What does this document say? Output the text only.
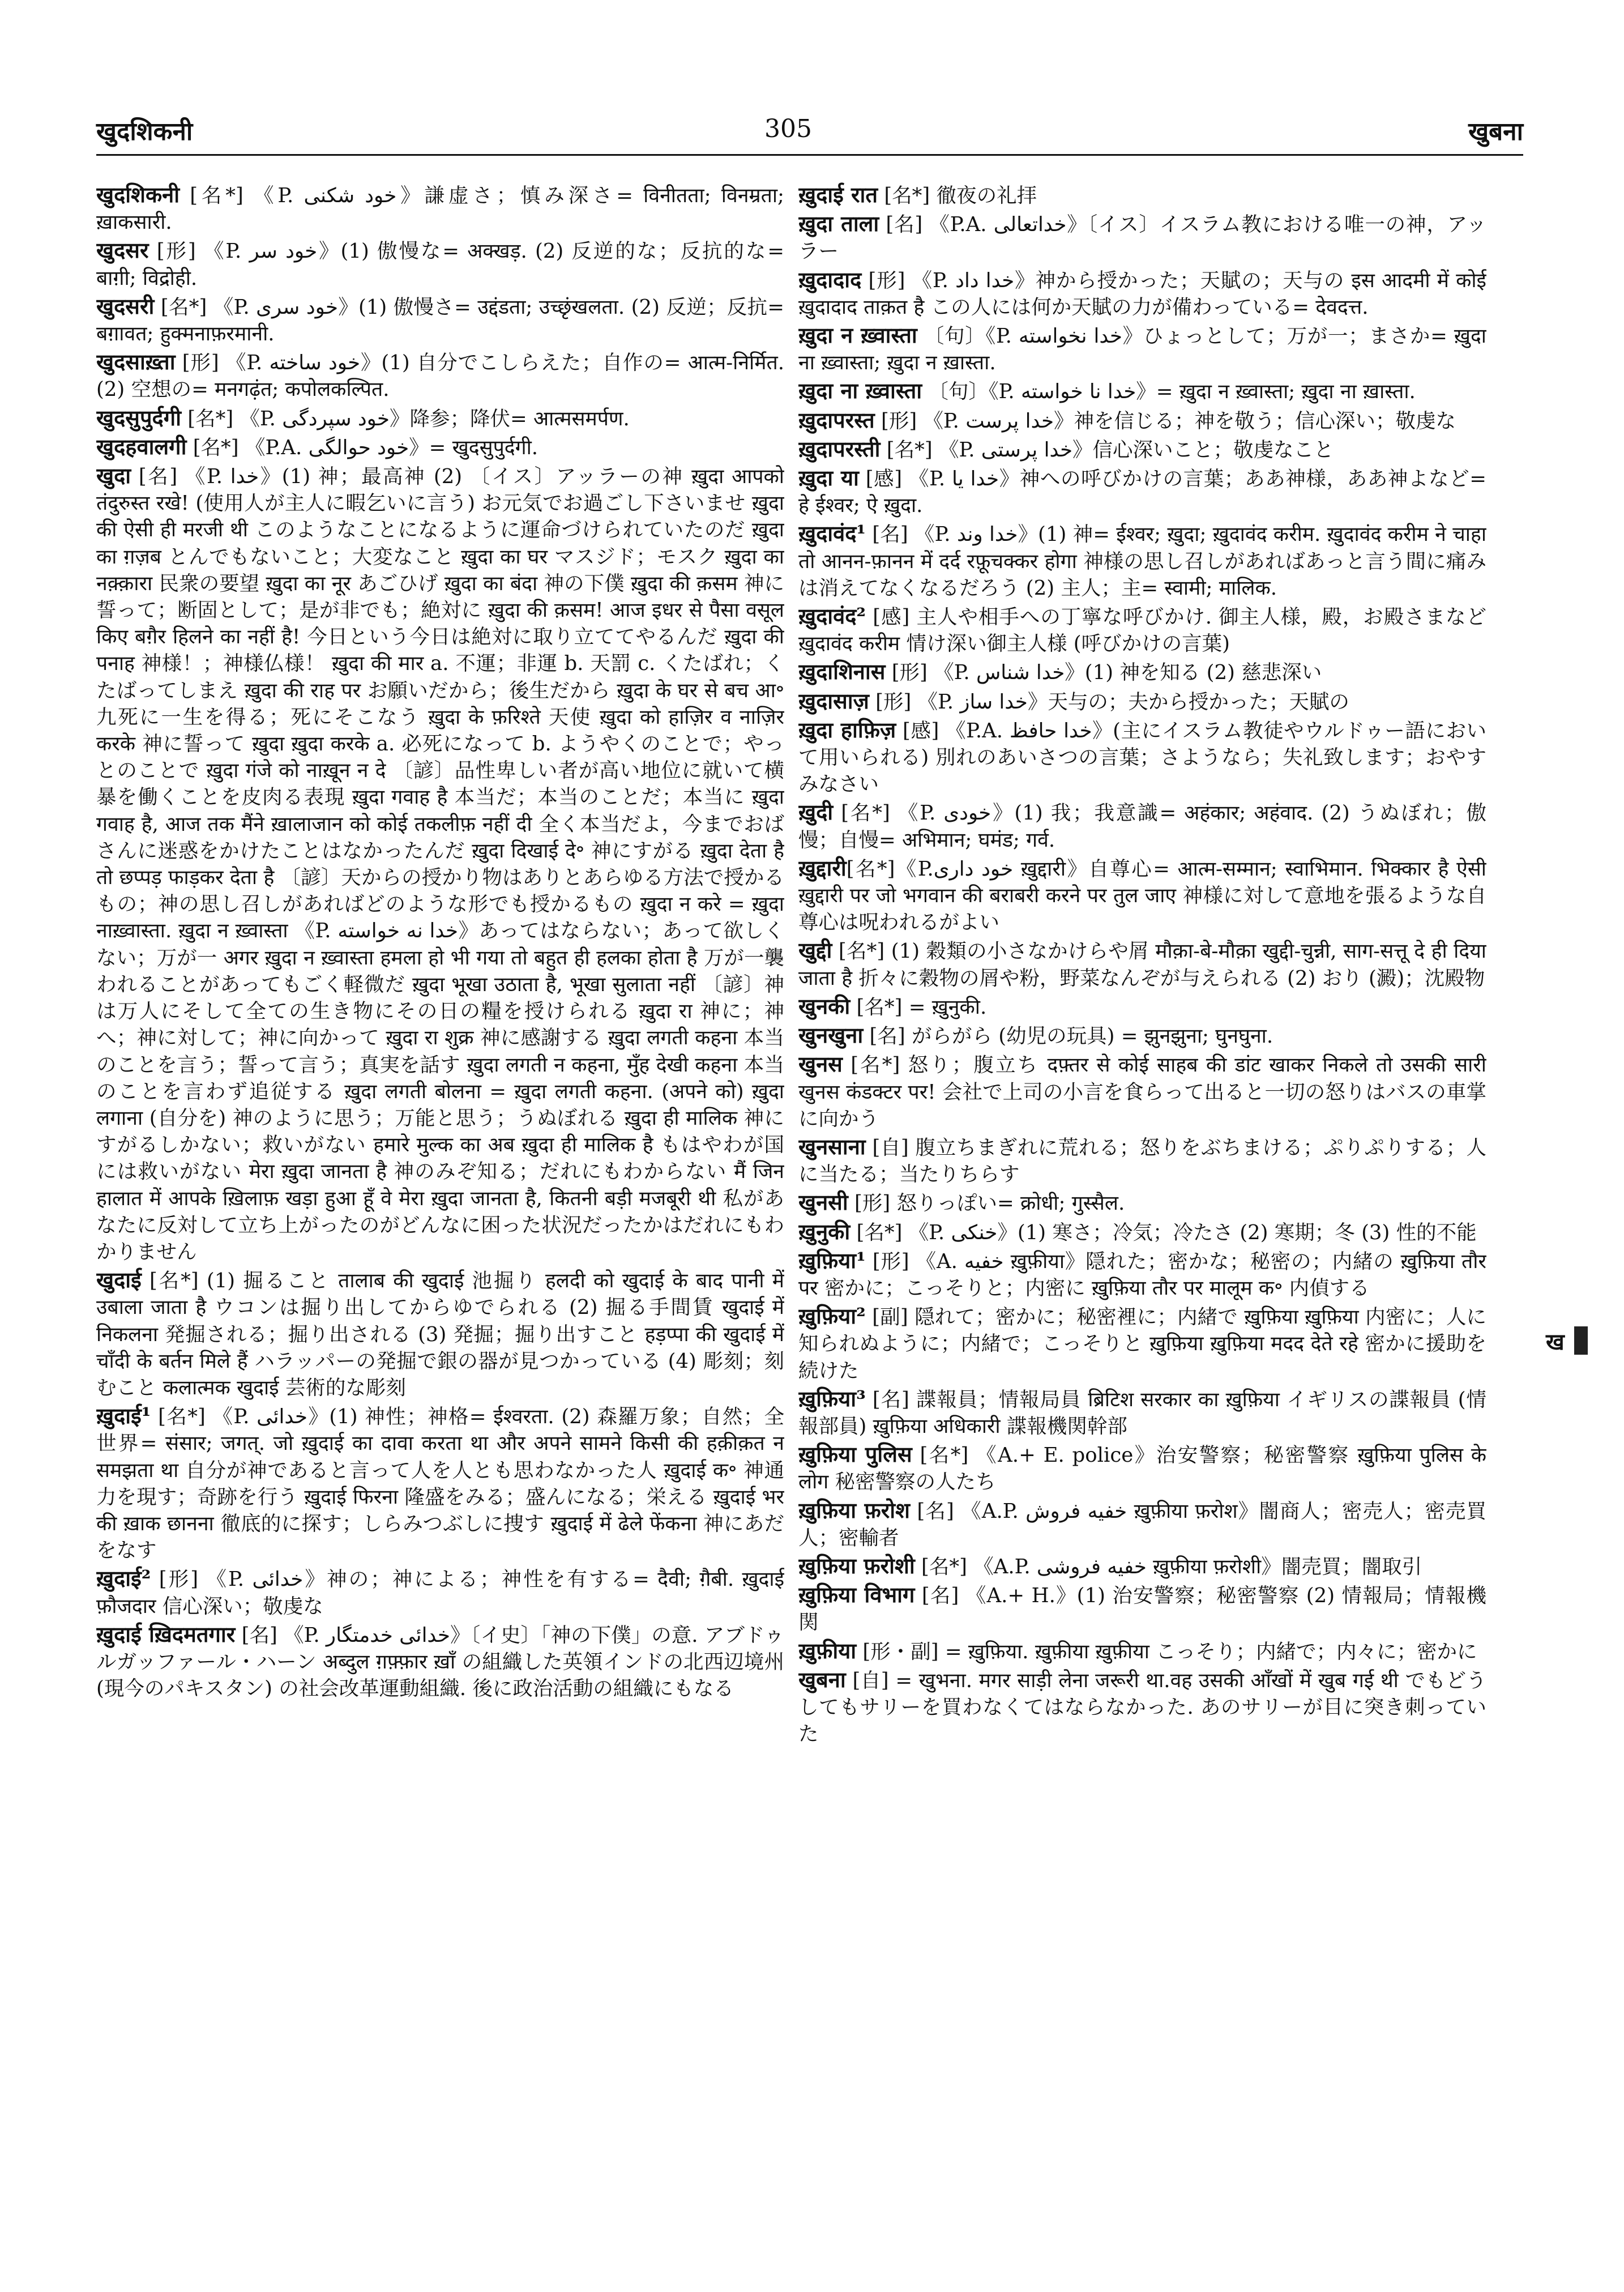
खुदशिकनी	305	खुबना
खुदशिकनी [名*] 《P. خود شکنی》謙虚さ；慎み深さ= विनीतता; विनम्रता; ख़ाकसारी.
खुदसर [形] 《P. خود سر》(1) 傲慢な= अक्खड़. (2) 反逆的な；反抗的な= बाग़ी; विद्रोही.
खुदसरी [名*] 《P. خود سری》(1) 傲慢さ= उद्दंडता; उच्छृंखलता. (2) 反逆；反抗= बग़ावत; हुक्मनाफ़रमानी.
खुदसाख़्ता [形] 《P. خود ساخته》(1) 自分でこしらえた；自作の= आत्म-निर्मित. (2) 空想の= मनगढ़ंत; कपोलकल्पित.
खुदसुपुर्दगी [名*] 《P. خود سپردگی》降参；降伏= आत्मसमर्पण.
खुदहवालगी [名*] 《P.A. خود حوالگی》= खुदसुपुर्दगी.
खुदा [名] 《P. خدا》(1) 神；最高神 (2) 〔イス〕アッラーの神 ख़ुदा आपको तंदुरुस्त रखे! (使用人が主人に暇乞いに言う) お元気でお過ごし下さいませ ख़ुदा की ऐसी ही मरजी थी このようなことになるように運命づけられていたのだ ख़ुदा का ग़ज़ब とんでもないこと；大変なこと ख़ुदा का घर マスジド；モスク ख़ुदा का नक़्क़ारा 民衆の要望 ख़ुदा का नूर あごひげ ख़ुदा का बंदा 神の下僕 ख़ुदा की क़सम 神に誓って；断固として；是が非でも；絶対に ख़ुदा की क़सम! आज इधर से पैसा वसूल किए बग़ैर हिलने का नहीं है! 今日という今日は絶対に取り立ててやるんだ ख़ुदा की पनाह 神様！；神様仏様！ ख़ुदा की मार a. 不運；非運 b. 天罰 c. くたばれ；くたばってしまえ ख़ुदा की राह पर お願いだから；後生だから ख़ुदा के घर से बच आ॰ 九死に一生を得る；死にそこなう ख़ुदा के फ़रिश्ते 天使 ख़ुदा को हाज़िर व नाज़िर करके 神に誓って ख़ुदा ख़ुदा करके a. 必死になって b. ようやくのことで；やっとのことで ख़ुदा गंजे को नाख़ून न दे 〔諺〕品性卑しい者が高い地位に就いて横暴を働くことを皮肉る表現 ख़ुदा गवाह है 本当だ；本当のことだ；本当に ख़ुदा गवाह है, आज तक मैंने ख़ालाजान को कोई तकलीफ़ नहीं दी 全く本当だよ，今までおばさんに迷惑をかけたことはなかったんだ ख़ुदा दिखाई दे॰ 神にすがる ख़ुदा देता है तो छप्पड़ फाड़कर देता है 〔諺〕天からの授かり物はありとあらゆる方法で授かるもの；神の思し召しがあればどのような形でも授かるもの ख़ुदा न करे = ख़ुदा नाख़्वास्ता. ख़ुदा न ख़्वास्ता 《P. خدا نه خواسته》あってはならない；あって欲しくない；万が一 अगर ख़ुदा न ख़्वास्ता हमला हो भी गया तो बहुत ही हलका होता है 万が一襲われることがあってもごく軽微だ ख़ुदा भूखा उठाता है, भूखा सुलाता नहीं 〔諺〕神は万人にそして全ての生き物にその日の糧を授けられる ख़ुदा रा 神に；神へ；神に対して；神に向かって ख़ुदा रा शुक्र 神に感謝する ख़ुदा लगती कहना 本当のことを言う；誓って言う；真実を話す ख़ुदा लगती न कहना, मुँह देखी कहना 本当のことを言わず追従する ख़ुदा लगती बोलना = ख़ुदा लगती कहना. (अपने को) ख़ुदा लगाना (自分を) 神のように思う；万能と思う；うぬぼれる ख़ुदा ही मालिक 神にすがるしかない；救いがない हमारे मुल्क का अब ख़ुदा ही मालिक है もはやわが国には救いがない मेरा ख़ुदा जानता है 神のみぞ知る；だれにもわからない मैं जिन हालात में आपके ख़िलाफ़ खड़ा हुआ हूँ वे मेरा ख़ुदा जानता है, कितनी बड़ी मजबूरी थी 私があなたに反対して立ち上がったのがどんなに困った状況だったかはだれにもわかりません
खुदाई [名*] (1) 掘ること तालाब की खुदाई 池掘り हलदी को खुदाई के बाद पानी में उबाला जाता है ウコンは掘り出してからゆでられる (2) 掘る手間賃 खुदाई में निकलना 発掘される；掘り出される (3) 発掘；掘り出すこと हड़प्पा की खुदाई में चाँदी के बर्तन मिले हैं ハラッパーの発掘で銀の器が見つかっている (4) 彫刻；刻むこと कलात्मक खुदाई 芸術的な彫刻
ख़ुदाई¹ [名*] 《P. خدائی》(1) 神性；神格= ईश्वरता. (2) 森羅万象；自然；全世界= संसार; जगत्. जो ख़ुदाई का दावा करता था और अपने सामने किसी की हक़ीक़त न समझता था 自分が神であると言って人を人とも思わなかった人 ख़ुदाई क॰ 神通力を現す；奇跡を行う ख़ुदाई फिरना 隆盛をみる；盛んになる；栄える ख़ुदाई भर की ख़ाक छानना 徹底的に探す；しらみつぶしに捜す ख़ुदाई में ढेले फेंकना 神にあだをなす
ख़ुदाई² [形] 《P. خدائی》神の；神による；神性を有する= दैवी; ग़ैबी. ख़ुदाई फ़ौजदार 信心深い；敬虔な
ख़ुदाई ख़िदमतगार [名] 《P. خدائی خدمتگار》〔イ史〕「神の下僕」の意. アブドゥルガッファール・ハーン अब्दुल ग़फ़्फ़ार ख़ाँ の組織した英領インドの北西辺境州 (現今のパキスタン) の社会改革運動組織. 後に政治活動の組織にもなる
ख़ुदाई रात [名*] 徹夜の礼拝
ख़ुदा ताला [名] 《P.A. خداتعالی》〔イス〕イスラム教における唯一の神，アッラー
ख़ुदादाद [形] 《P. خدا داد》神から授かった；天賦の；天与の इस आदमी में कोई ख़ुदादाद ताक़त है この人には何か天賦の力が備わっている= देवदत्त.
ख़ुदा न ख़्वास्ता 〔句〕《P. خدا نخواسته》ひょっとして；万が一；まさか= ख़ुदा ना ख़्वास्ता; ख़ुदा न ख़ास्ता.
ख़ुदा ना ख़्वास्ता 〔句〕《P. خدا نا خواسته》= ख़ुदा न ख़्वास्ता; ख़ुदा ना ख़ास्ता.
ख़ुदापरस्त [形] 《P. خدا پرست》神を信じる；神を敬う；信心深い；敬虔な
ख़ुदापरस्ती [名*] 《P. خدا پرستی》信心深いこと；敬虔なこと
ख़ुदा या [感] 《P. خدا یا》神への呼びかけの言葉；ああ神様，ああ神よなど= हे ईश्वर; ऐ ख़ुदा.
ख़ुदावंद¹ [名] 《P. خدا وند》(1) 神= ईश्वर; ख़ुदा; ख़ुदावंद करीम. ख़ुदावंद करीम ने चाहा तो आनन-फ़ानन में दर्द रफ़ूचक्कर होगा 神様の思し召しがあればあっと言う間に痛みは消えてなくなるだろう (2) 主人；主= स्वामी; मालिक.
ख़ुदावंद² [感] 主人や相手への丁寧な呼びかけ. 御主人様，殿，お殿さまなど ख़ुदावंद करीम 情け深い御主人様 (呼びかけの言葉)
ख़ुदाशिनास [形] 《P. خدا شناس》(1) 神を知る (2) 慈悲深い
ख़ुदासाज़ [形] 《P. خدا ساز》天与の；夫から授かった；天賦の
ख़ुदा हाफ़िज़ [感] 《P.A. خدا حافظ》(主にイスラム教徒やウルドゥー語において用いられる) 別れのあいさつの言葉；さようなら；失礼致します；おやすみなさい
ख़ुदी [名*] 《P. خودی》(1) 我；我意識= अहंकार; अहंवाद. (2) うぬぼれ；傲慢；自慢= अभिमान; घमंड; गर्व.
ख़ुद्दारी[名*]《P.خود داری ख़ुद्दारी》自尊心= आत्म-सम्मान; स्वाभिमान. भिक्कार है ऐसी ख़ुद्दारी पर जो भगवान की बराबरी करने पर तुल जाए 神様に対して意地を張るような自尊心は呪われるがよい
खुद्दी [名*] (1) 穀類の小さなかけらや屑 मौक़ा-बे-मौक़ा खुद्दी-चुन्नी, साग-सत्तू दे ही दिया जाता है 折々に穀物の屑や粉，野菜なんぞが与えられる (2) おり (澱)；沈殿物
खुनकी [名*] = ख़ुनुकी.
खुनखुना [名] がらがら (幼児の玩具) = झुनझुना; घुनघुना.
खुनस [名*] 怒り；腹立ち दफ़्तर से कोई साहब की डांट खाकर निकले तो उसकी सारी खुनस कंडक्टर पर! 会社で上司の小言を食らって出ると一切の怒りはバスの車掌に向かう
खुनसाना [自] 腹立ちまぎれに荒れる；怒りをぶちまける；ぷりぷりする；人に当たる；当たりちらす
खुनसी [形] 怒りっぽい= क्रोधी; गुस्सैल.
ख़ुनुकी [名*] 《P. خنکی》(1) 寒さ；冷気；冷たさ (2) 寒期；冬 (3) 性的不能
ख़ुफ़िया¹ [形] 《A. خفیه ख़ुफ़ीया》隠れた；密かな；秘密の；内緒の ख़ुफ़िया तौर पर 密かに；こっそりと；内密に ख़ुफ़िया तौर पर मालूम क॰ 内偵する
ख़ुफ़िया² [副] 隠れて；密かに；秘密裡に；内緒で ख़ुफ़िया ख़ुफ़िया 内密に；人に知られぬように；内緒で；こっそりと ख़ुफ़िया ख़ुफ़िया मदद देते रहे 密かに援助を続けた
ख़ुफ़िया³ [名] 諜報員；情報局員 ब्रिटिश सरकार का ख़ुफ़िया イギリスの諜報員 (情報部員) ख़ुफ़िया अधिकारी 諜報機関幹部
ख़ुफ़िया पुलिस [名*] 《A.+ E. police》治安警察；秘密警察 ख़ुफ़िया पुलिस के लोग 秘密警察の人たち
ख़ुफ़िया फ़रोश [名] 《A.P. خفیه فروش ख़ुफ़ीया फ़रोश》闇商人；密売人；密売買人；密輸者
ख़ुफ़िया फ़रोशी [名*] 《A.P. خفیه فروشی ख़ुफ़ीया फ़रोशी》闇売買；闇取引
ख़ुफ़िया विभाग [名] 《A.+ H.》(1) 治安警察；秘密警察 (2) 情報局；情報機関
ख़ुफ़ीया [形・副] = ख़ुफ़िया. ख़ुफ़ीया ख़ुफ़ीया こっそり；内緒で；内々に；密かに
खुबना [自] = खुभना. मगर साड़ी लेना जरूरी था.वह उसकी आँखों में खुब गई थी でもどうしてもサリーを買わなくてはならなかった. あのサリーが目に突き刺っていた
ख
